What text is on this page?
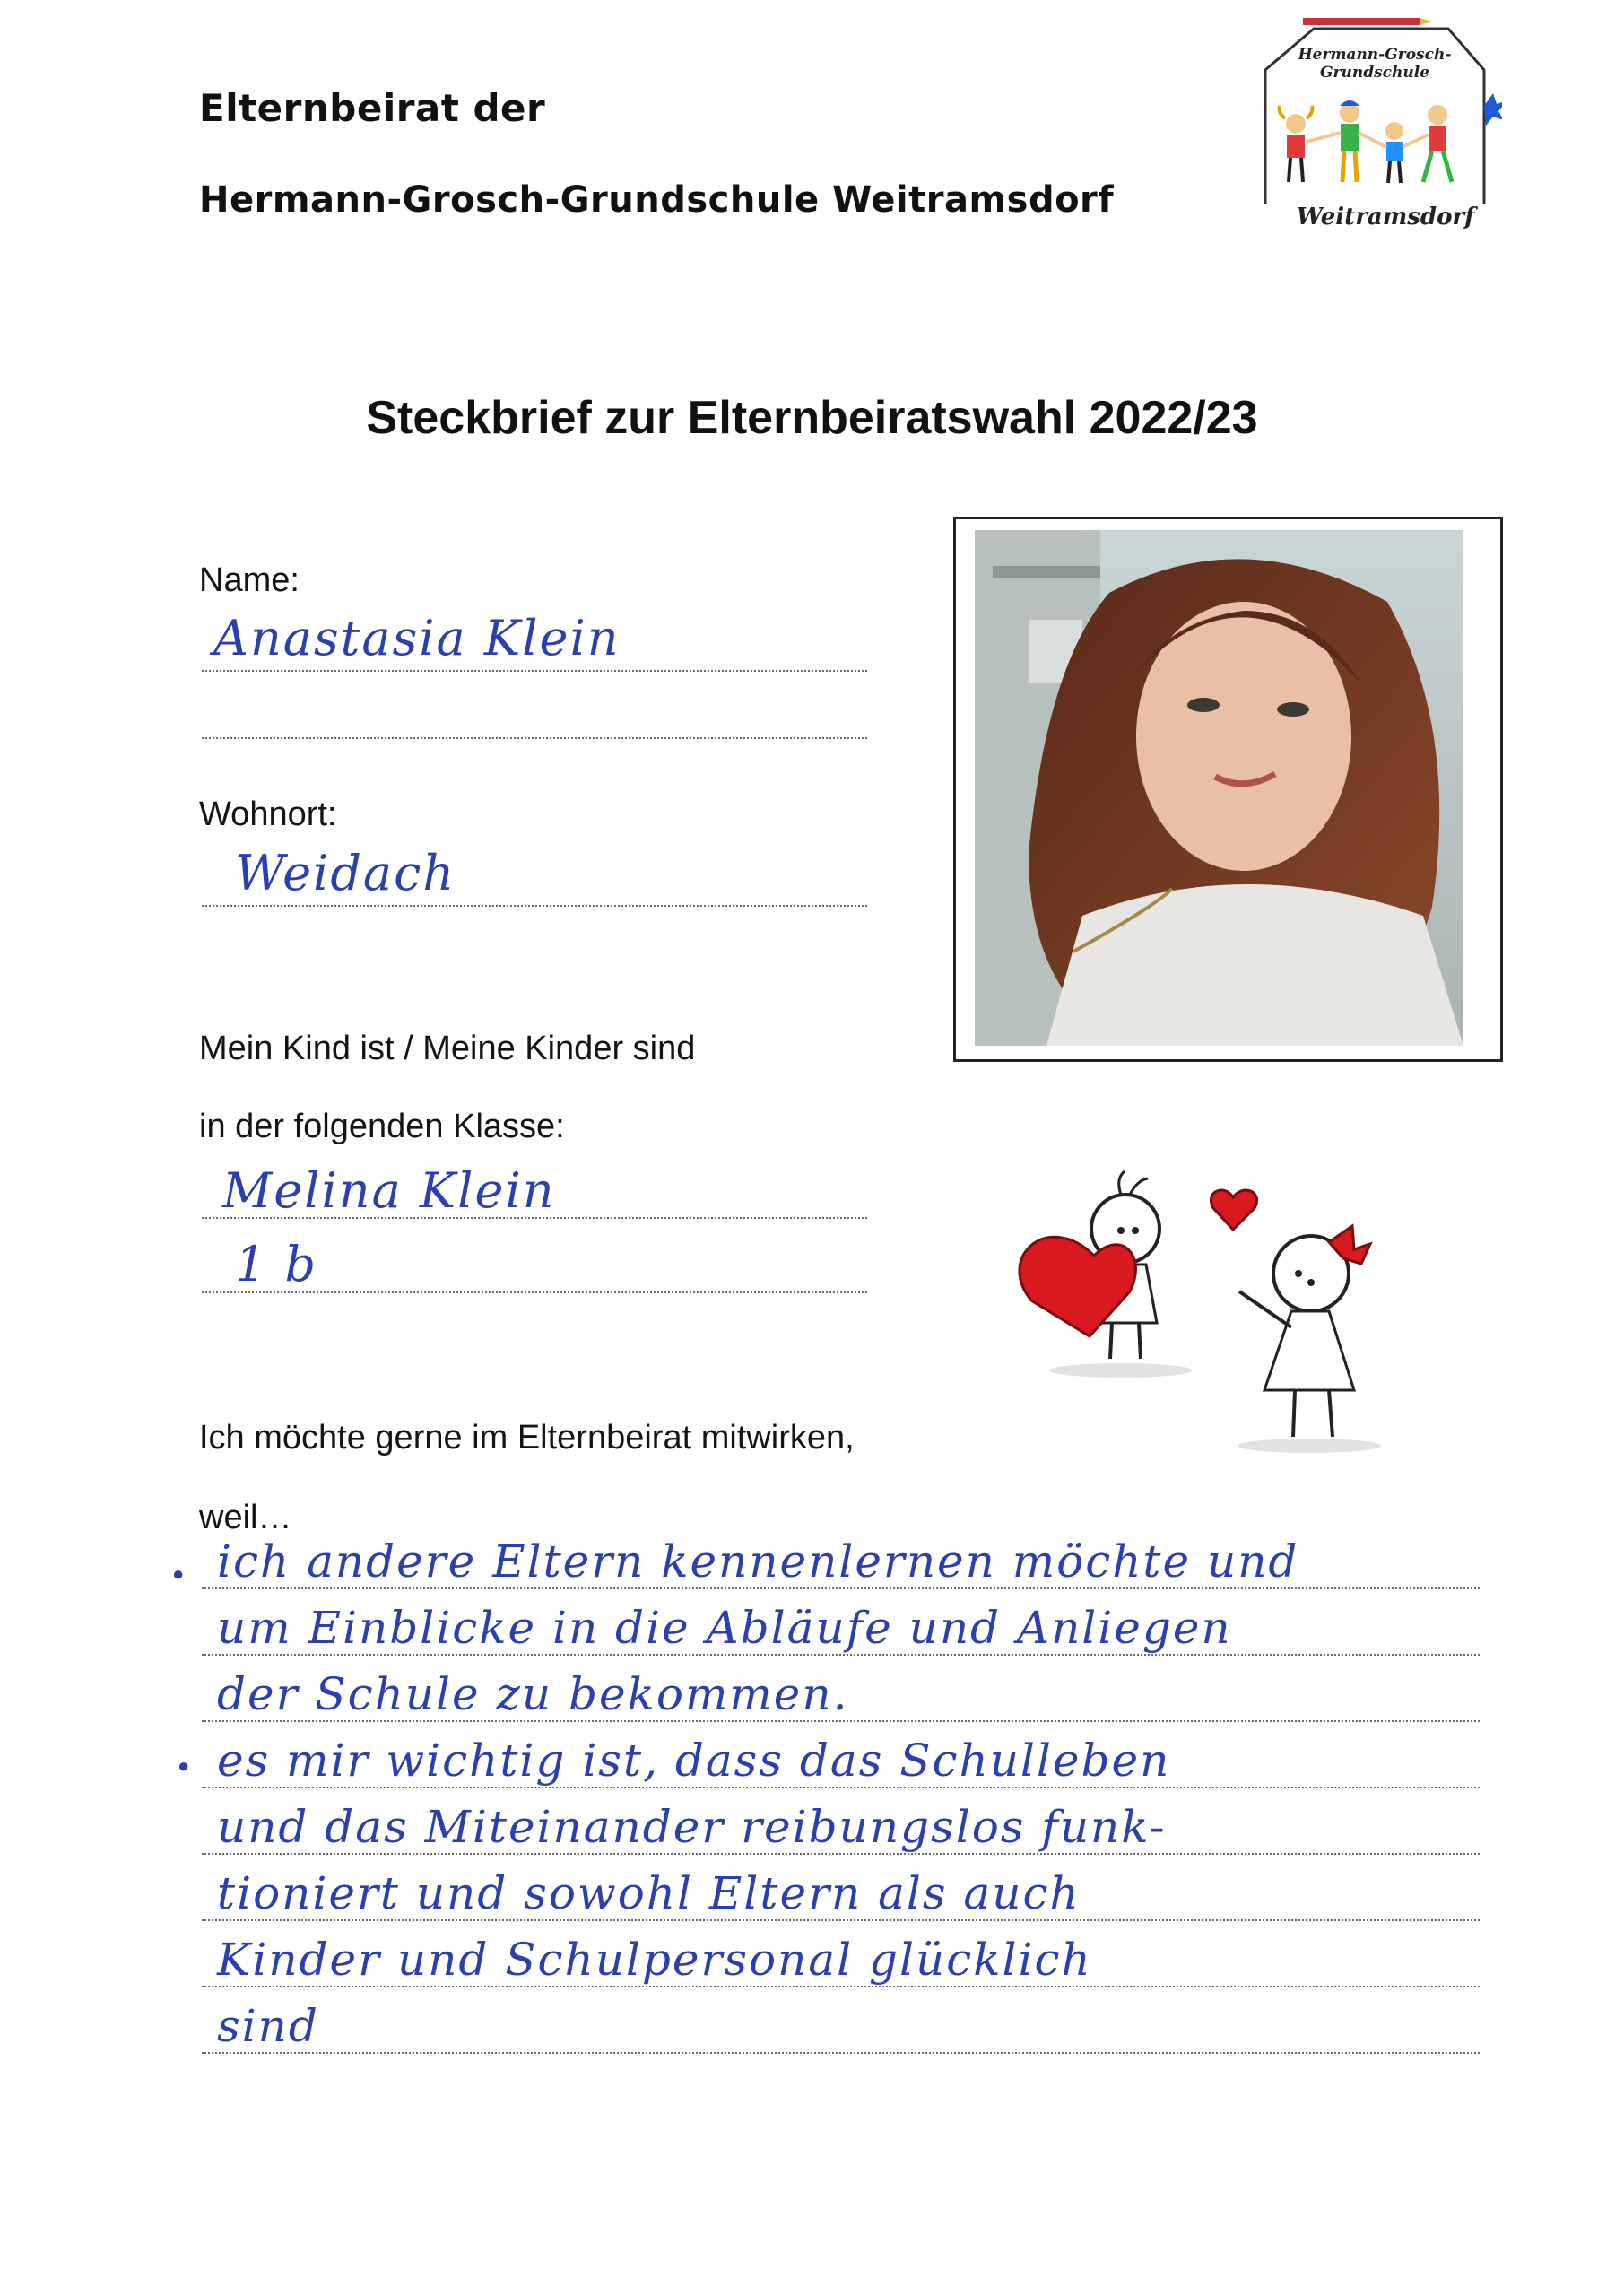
Elternbeirat der
Hermann-Grosch-Grundschule Weitramsdorf
Hermann-Grosch-
Grundschule
Weitramsdorf
Steckbrief zur Elternbeiratswahl 2022/23
Name:
Anastasia Klein
Wohnort:
Weidach
Mein Kind ist / Meine Kinder sind
in der folgenden Klasse:
Melina Klein
1 b
Ich möchte gerne im Elternbeirat mitwirken,
weil…
●
●
ich andere Eltern kennenlernen möchte und
um Einblicke in die Abläufe und Anliegen
der Schule zu bekommen.
es mir wichtig ist, dass das Schulleben
und das Miteinander reibungslos funk-
tioniert und sowohl Eltern als auch
Kinder und Schulpersonal glücklich
sind
